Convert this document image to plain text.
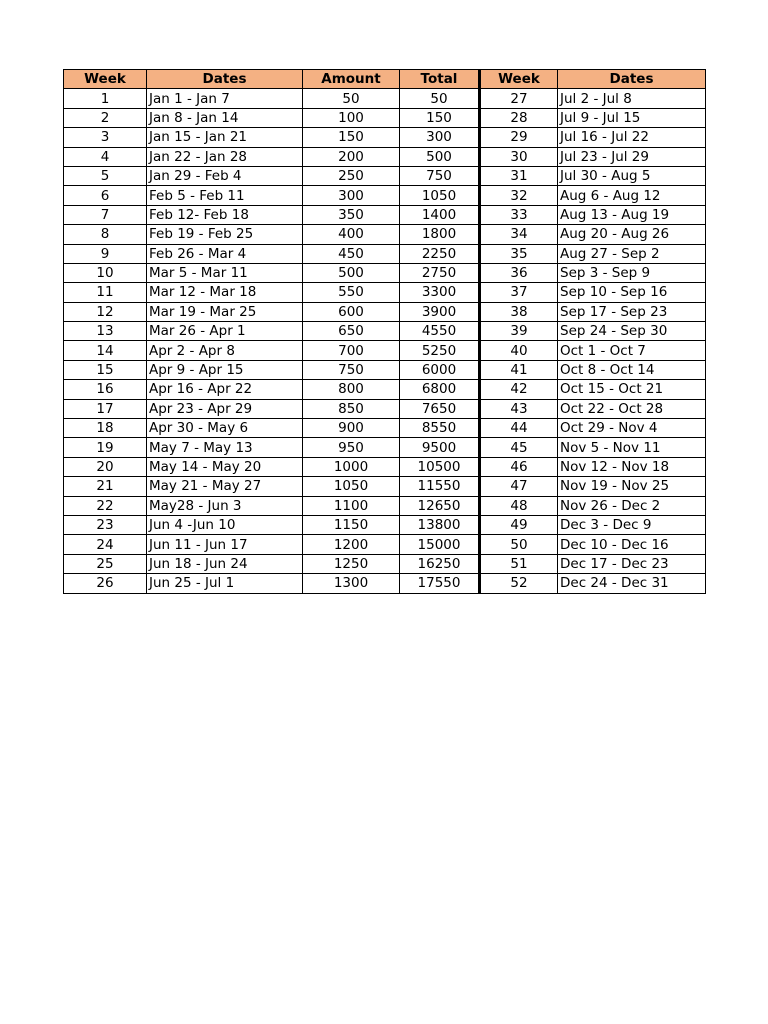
Week	Dates	Amount	Total	Week	Dates
1	Jan 1 - Jan 7	50	50	27	Jul 2 - Jul 8
2	Jan 8 - Jan 14	100	150	28	Jul 9 - Jul 15
3	Jan 15 - Jan 21	150	300	29	Jul 16 - Jul 22
4	Jan 22 - Jan 28	200	500	30	Jul 23 - Jul 29
5	Jan 29 - Feb 4	250	750	31	Jul 30 - Aug 5
6	Feb 5 - Feb 11	300	1050	32	Aug 6 - Aug 12
7	Feb 12- Feb 18	350	1400	33	Aug 13 - Aug 19
8	Feb 19 - Feb 25	400	1800	34	Aug 20 - Aug 26
9	Feb 26 - Mar 4	450	2250	35	Aug 27 - Sep 2
10	Mar 5 - Mar 11	500	2750	36	Sep 3 - Sep 9
11	Mar 12 - Mar 18	550	3300	37	Sep 10 - Sep 16
12	Mar 19 - Mar 25	600	3900	38	Sep 17 - Sep 23
13	Mar 26 - Apr 1	650	4550	39	Sep 24 - Sep 30
14	Apr 2 - Apr 8	700	5250	40	Oct 1 - Oct 7
15	Apr 9 - Apr 15	750	6000	41	Oct 8 - Oct 14
16	Apr 16 - Apr 22	800	6800	42	Oct 15 - Oct 21
17	Apr 23 - Apr 29	850	7650	43	Oct 22 - Oct 28
18	Apr 30 - May 6	900	8550	44	Oct 29 - Nov 4
19	May 7 - May 13	950	9500	45	Nov 5 - Nov 11
20	May 14 - May 20	1000	10500	46	Nov 12 - Nov 18
21	May 21 - May 27	1050	11550	47	Nov 19 - Nov 25
22	May28 - Jun 3	1100	12650	48	Nov 26 - Dec 2
23	Jun 4 -Jun 10	1150	13800	49	Dec 3 - Dec 9
24	Jun 11 - Jun 17	1200	15000	50	Dec 10 - Dec 16
25	Jun 18 - Jun 24	1250	16250	51	Dec 17 - Dec 23
26	Jun 25 - Jul 1	1300	17550	52	Dec 24 - Dec 31
